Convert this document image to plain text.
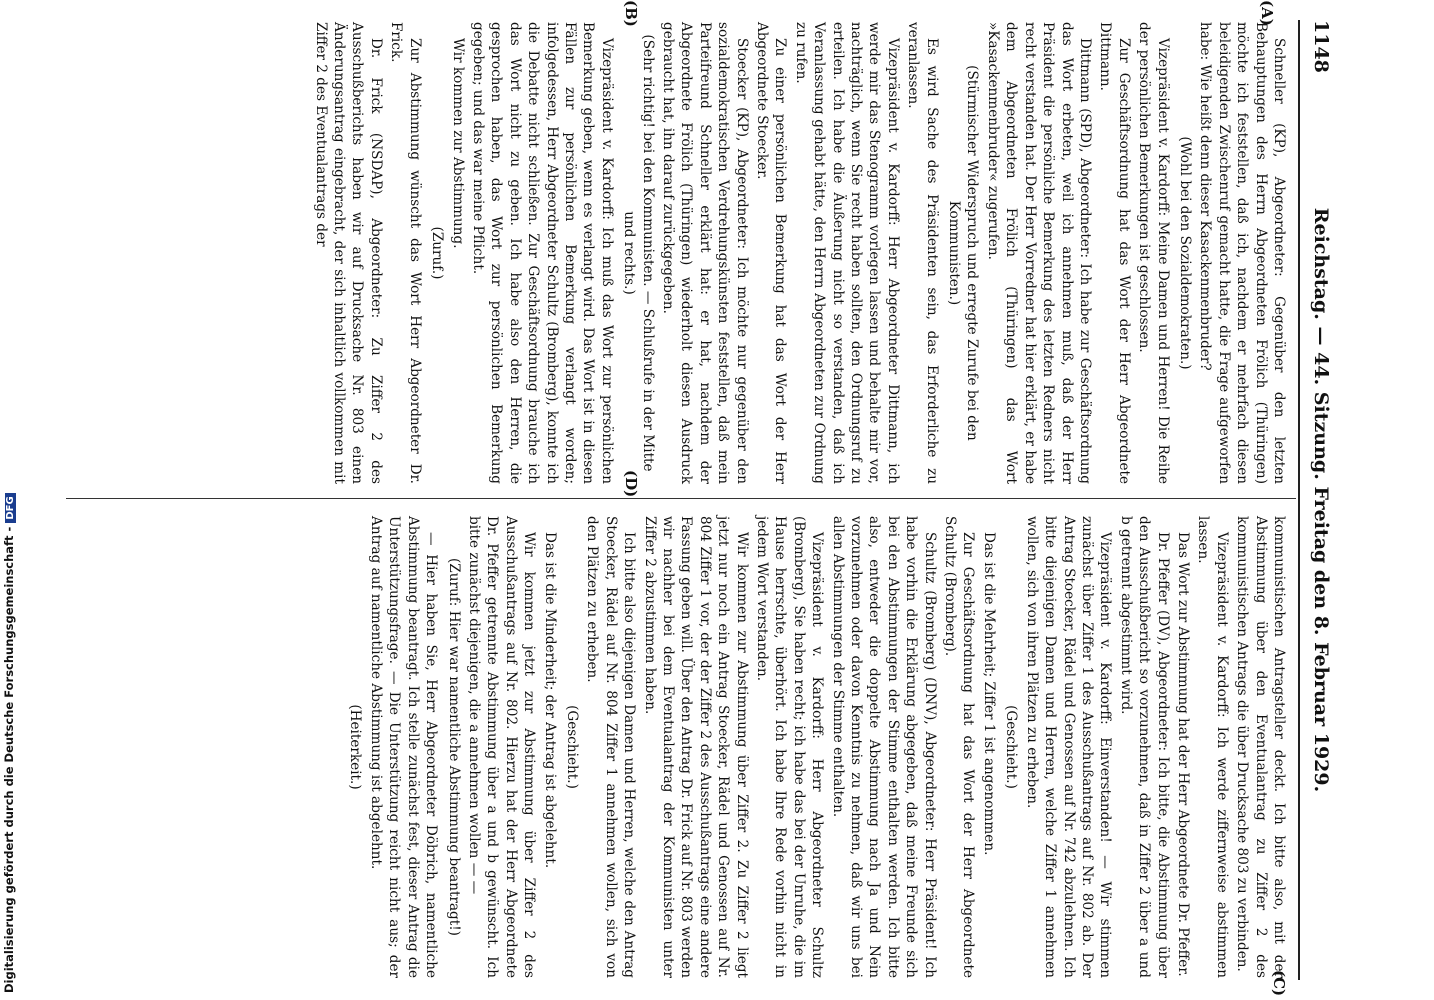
1148
Reichstag. — 44. Sitzung. Freitag den 8. Februar 1929.
(A)
(B)
(C)
(D)	Schneller (KP), Abgeordneter: Gegenüber den letzten Behauptungen des Herrn Abgeordneten Frölich (Thüringen) möchte ich feststellen, daß ich, nachdem er mehrfach diesen beleidigenden Zwischenruf gemacht hatte, die Frage aufgeworfen habe: Wie heißt denn dieser Kasackenmenbruder?

(Wohl bei den Sozialdemokraten.)

Vizepräsident v. Kardorff: Meine Damen und Herren! Die Reihe der persönlichen Bemerkungen ist geschlossen.

Zur Geschäftsordnung hat das Wort der Herr Abgeordnete Dittmann.

Dittmann (SPD), Abgeordneter: Ich habe zur Geschäftsordnung das Wort erbeten, weil ich annehmen muß, daß der Herr Präsident die persönliche Bemerkung des letzten Redners nicht recht verstanden hat. Der Herr Vorredner hat hier erklärt, er habe dem Abgeordneten Frölich (Thüringen) das Wort »Kasackenmenbruder« zugerufen.

(Stürmischer Widerspruch und erregte Zurufe bei den Kommunisten.)

Es wird Sache des Präsidenten sein, das Erforderliche zu veranlassen.

Vizepräsident v. Kardorff: Herr Abgeordneter Dittmann, ich werde mir das Stenogramm vorlegen lassen und behalte mir vor, nachträglich, wenn Sie recht haben sollten, den Ordnungsruf zu erteilen. Ich habe die Äußerung nicht so verstanden, daß ich Veranlassung gehabt hätte, den Herrn Abgeordneten zur Ordnung zu rufen.

Zu einer persönlichen Bemerkung hat das Wort der Herr Abgeordnete Stoecker.

Stoecker (KP), Abgeordneter: Ich möchte nur gegenüber den sozialdemokratischen Verdrehungskünsten feststellen, daß mein Parteifreund Schneller erklärt hat: er hat, nachdem der Abgeordnete Frölich (Thüringen) wiederholt diesen Ausdruck gebraucht hat, ihn darauf zurückgegeben.

(Sehr richtig! bei den Kommunisten. — Schlußrufe in der Mitte und rechts.)

Vizepräsident v. Kardorff: Ich muß das Wort zur persönlichen Bemerkung geben, wenn es verlangt wird. Das Wort ist in diesen Fällen zur persönlichen Bemerkung verlangt worden; infolgedessen, Herr Abgeordneter Schultz (Bromberg), konnte ich die Debatte nicht schließen. Zur Geschäftsordnung brauche ich das Wort nicht zu geben. Ich habe also den Herren, die gesprochen haben, das Wort zur persönlichen Bemerkung gegeben; und das war meine Pflicht.

Wir kommen zur Abstimmung.

(Zuruf.)

Zur Abstimmung wünscht das Wort Herr Abgeordneter Dr. Frick.

Dr. Frick (NSDAP), Abgeordneter: Zu Ziffer 2 des Ausschußberichts haben wir auf Drucksache Nr. 803 einen Änderungsantrag eingebracht, der sich inhaltlich vollkommen mit Ziffer 2 des Eventualantrags der

kommunistischen Antragsteller deckt. Ich bitte also, mit der Abstimmung über den Eventualantrag zu Ziffer 2 des kommunistischen Antrags die über Drucksache 803 zu verbinden.

Vizepräsident v. Kardorff: Ich werde ziffernweise abstimmen lassen.

Das Wort zur Abstimmung hat der Herr Abgeordnete Dr. Pfeffer.

Dr. Pfeffer (DV), Abgeordneter: Ich bitte, die Abstimmung über den Ausschußbericht so vorzunehmen, daß in Ziffer 2 über a und b getrennt abgestimmt wird.

Vizepräsident v. Kardorff: Einverstanden! — Wir stimmen zunächst über Ziffer 1 des Ausschußantrags auf Nr. 802 ab. Der Antrag Stoecker, Rädel und Genossen auf Nr. 742 abzulehnen. Ich bitte diejenigen Damen und Herren, welche Ziffer 1 annehmen wollen, sich von ihren Plätzen zu erheben.

(Geschieht.)

Das ist die Mehrheit; Ziffer 1 ist angenommen.

Zur Geschäftsordnung hat das Wort der Herr Abgeordnete Schultz (Bromberg).

Schultz (Bromberg) (DNV), Abgeordneter: Herr Präsident! Ich habe vorhin die Erklärung abgegeben, daß meine Freunde sich bei den Abstimmungen der Stimme enthalten werden. Ich bitte also, entweder die doppelte Abstimmung nach Ja und Nein vorzunehmen oder davon Kenntnis zu nehmen, daß wir uns bei allen Abstimmungen der Stimme enthalten.

Vizepräsident v. Kardorff: Herr Abgeordneter Schultz (Bromberg), Sie haben recht; ich habe das bei der Unruhe, die im Hause herrschte, überhört. Ich habe Ihre Rede vorhin nicht in jedem Wort verstanden.

Wir kommen zur Abstimmung über Ziffer 2. Zu Ziffer 2 liegt jetzt nur noch ein Antrag Stoecker, Rädel und Genossen auf Nr. 804 Ziffer 1 vor, der der Ziffer 2 des Ausschußantrags eine andere Fassung geben will. Über den Antrag Dr. Frick auf Nr. 803 werden wir nachher bei dem Eventualantrag der Kommunisten unter Ziffer 2 abzustimmen haben.

Ich bitte also diejenigen Damen und Herren, welche den Antrag Stoecker, Rädel auf Nr. 804 Ziffer 1 annehmen wollen, sich von den Plätzen zu erheben.

(Geschieht.)

Das ist die Minderheit; der Antrag ist abgelehnt.

Wir kommen jetzt zur Abstimmung über Ziffer 2 des Ausschußantrags auf Nr. 802. Hierzu hat der Herr Abgeordnete Dr. Pfeffer getrennte Abstimmung über a und b gewünscht. Ich bitte zunächst diejenigen, die a annehmen wollen — —

(Zuruf: Hier war namentliche Abstimmung beantragt!)

— Hier haben Sie, Herr Abgeordneter Döbrich, namentliche Abstimmung beantragt. Ich stelle zunächst fest, dieser Antrag die Unterstützungsfrage. — Die Unterstützung reicht nicht aus; der Antrag auf namentliche Abstimmung ist abgelehnt.

(Heiterkeit.)

Digitalisierung gefördert durch die Deutsche Forschungsgemeinschaft -DFG
